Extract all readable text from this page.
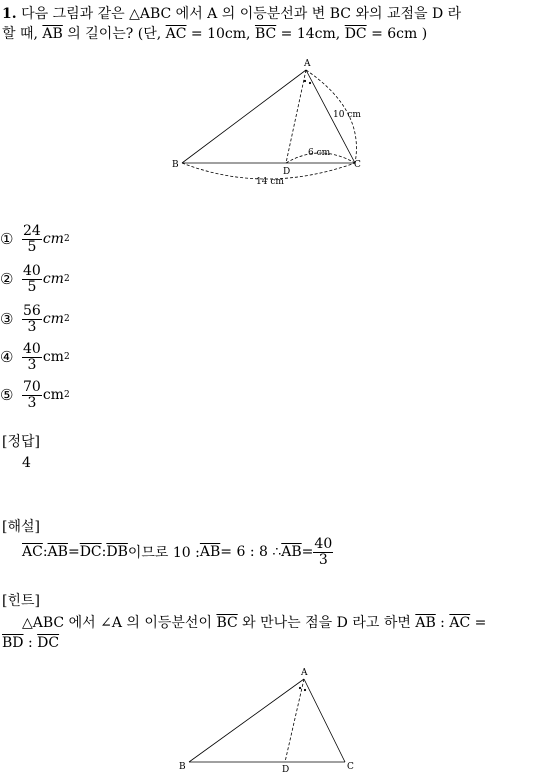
1. 다음 그림과 같은 △ABC 에서 A 의 이등분선과 변 BC 와의 교점을 D 라
할 때, $\overline{AB}$ 의 길이는? (단, $\overline{AC} = 10cm$, $\overline{BC} = 14cm$, $\overline{DC} = 6cm$ )
A
B	C
D
10 cm
6 cm
14 cm
① $\frac{24}{5}$ cm 2
② $\frac{40}{5}$ cm 2
③ $\frac{56}{3}$ cm 2
④ $\frac{40}{3}$ cm 2
⑤ $\frac{70}{3}$ cm 2
[정답]
4
[해설]
$\overline{AC}$ : $\overline{AB} = \overline{DC}$ : $\overline{DB}$ 이므로 10 : $\overline{AB} = 6$ : 8 ∴ $\overline{AB} = \frac{40}{3}$
[힌트]
△ABC 에서 ∠A 의 이등분선이 $\overline{BC}$ 와 만나는 점을 D 라고 하면 $\overline{AB}$ : $\overline{AC}$ =
$\overline{BD}$ : $\overline{DC}$
A
B	C
D
